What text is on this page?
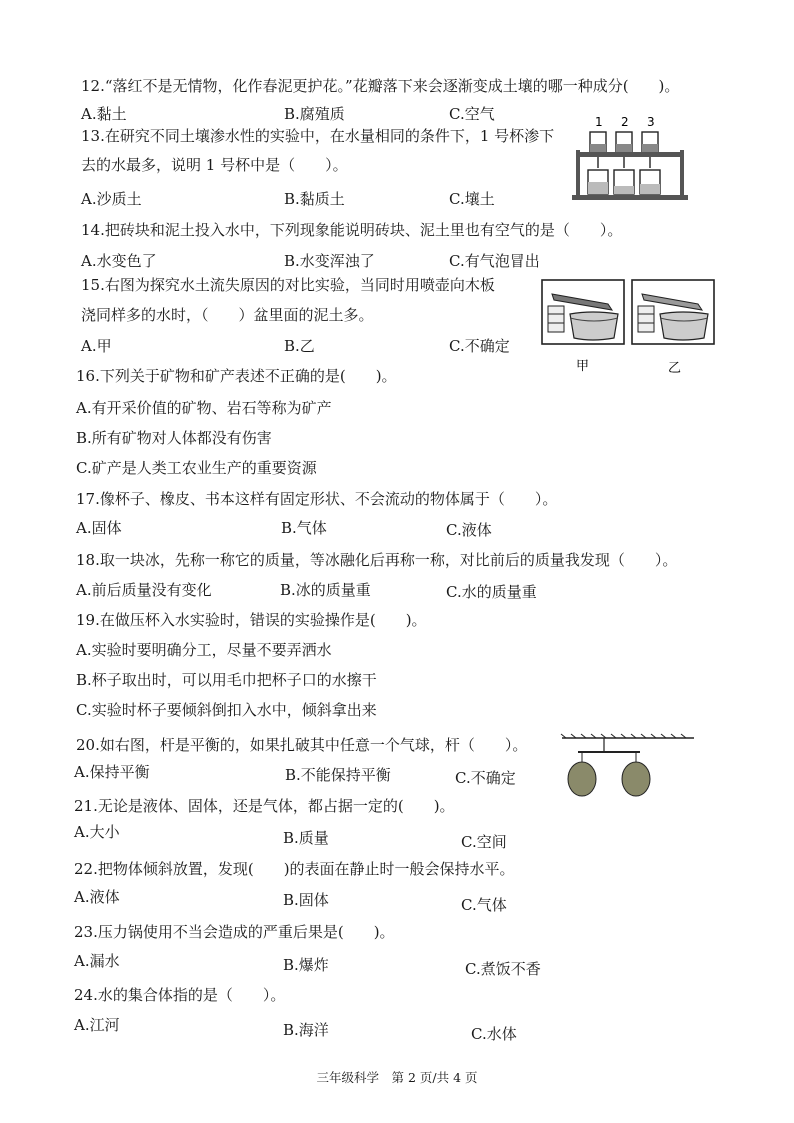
12.“落红不是无情物，化作春泥更护花。”花瓣落下来会逐渐变成土壤的哪一种成分(　　)。
A.黏土	B.腐殖质	C.空气
13.在研究不同土壤渗水性的实验中，在水量相同的条件下，1 号杯渗下
去的水最多，说明 1 号杯中是（　　）。
A.沙质土	B.黏质土	C.壤土
1 2 3
14.把砖块和泥土投入水中，下列现象能说明砖块、泥土里也有空气的是（　　）。
A.水变色了	B.水变浑浊了	C.有气泡冒出
15.右图为探究水土流失原因的对比实验，当同时用喷壶向木板
浇同样多的水时，（　　）盆里面的泥土多。
A.甲	B.乙	C.不确定
甲	乙
16.下列关于矿物和矿产表述不正确的是(　　)。
A.有开采价值的矿物、岩石等称为矿产
B.所有矿物对人体都没有伤害
C.矿产是人类工农业生产的重要资源
17.像杯子、橡皮、书本这样有固定形状、不会流动的物体属于（　　）。
A.固体	B.气体	C.液体
18.取一块冰，先称一称它的质量，等冰融化后再称一称，对比前后的质量我发现（　　）。
A.前后质量没有变化	B.冰的质量重	C.水的质量重
19.在做压杯入水实验时，错误的实验操作是(　　)。
A.实验时要明确分工，尽量不要弄洒水
B.杯子取出时，可以用毛巾把杯子口的水擦干
C.实验时杯子要倾斜倒扣入水中，倾斜拿出来
20.如右图，杆是平衡的，如果扎破其中任意一个气球，杆（　　）。
A.保持平衡	B.不能保持平衡	C.不确定
21.无论是液体、固体，还是气体，都占据一定的(　　)。
A.大小	B.质量	C.空间
22.把物体倾斜放置，发现(　　)的表面在静止时一般会保持水平。
A.液体	B.固体	C.气体
23.压力锅使用不当会造成的严重后果是(　　)。
A.漏水	B.爆炸	C.煮饭不香
24.水的集合体指的是（　　）。
A.江河	B.海洋	C.水体
三年级科学　第 2 页/共 4 页
